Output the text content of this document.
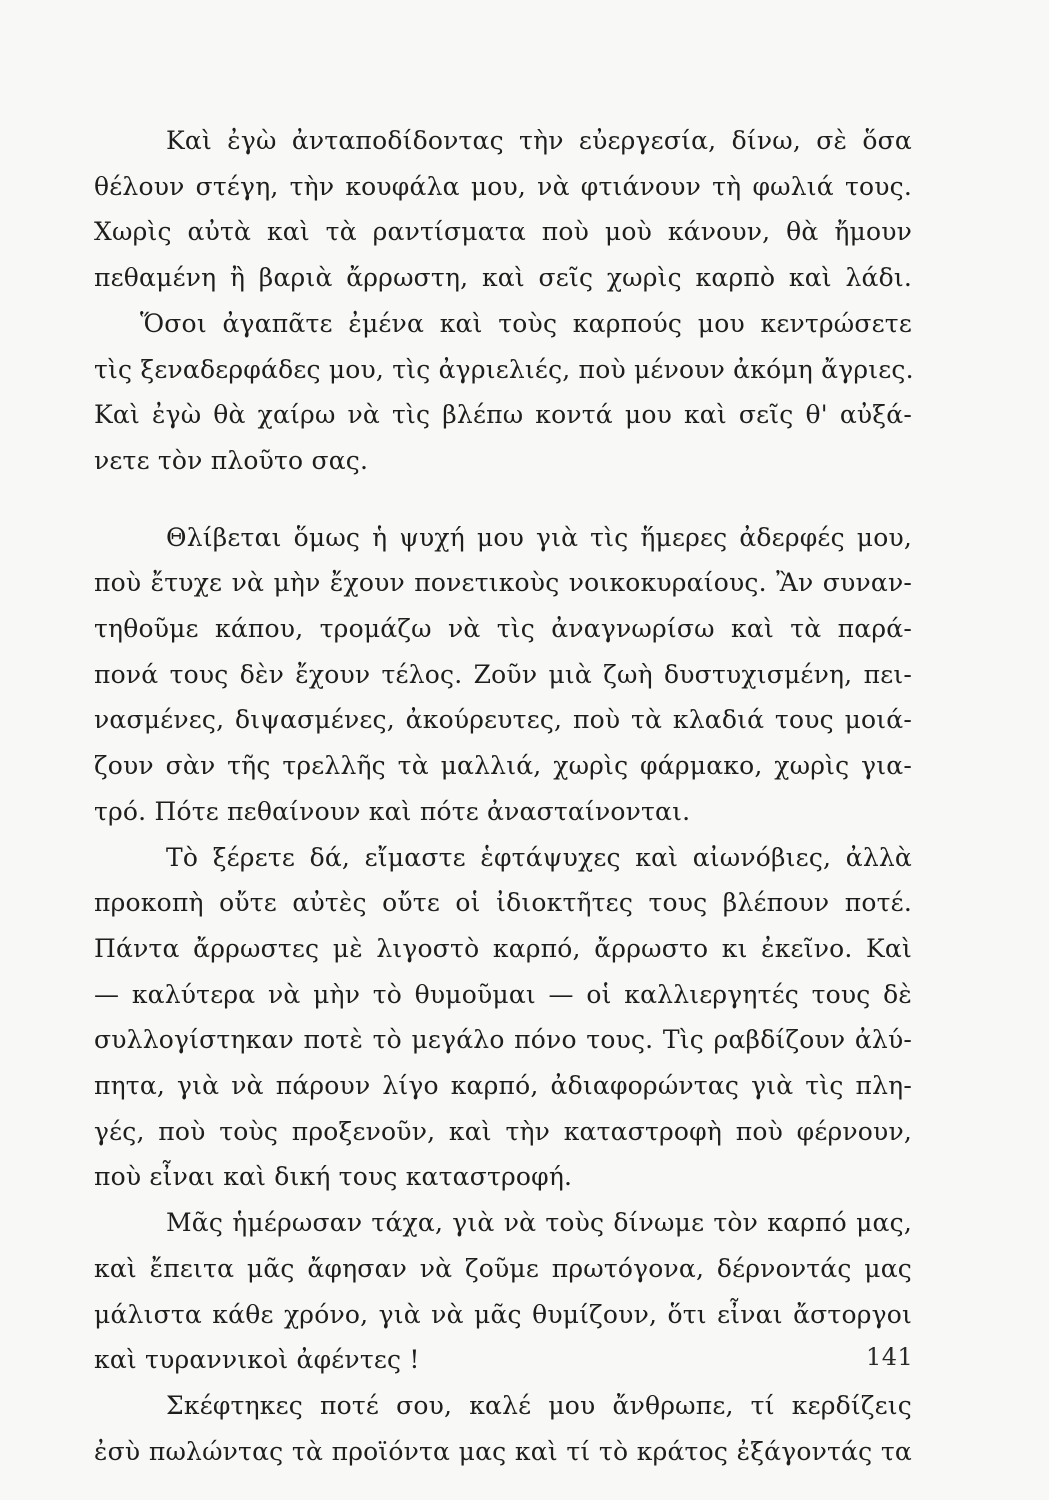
Καὶ ἐγὼ ἀνταποδίδοντας τὴν εὐεργεσία, δίνω, σὲ ὅσα
θέλουν στέγη, τὴν κουφάλα μου, νὰ φτιάνουν τὴ φωλιά τους.
Χωρὶς αὐτὰ καὶ τὰ ραντίσματα ποὺ μοὺ κάνουν, θὰ ἤμουν
πεθαμένη ἢ βαριὰ ἄρρωστη, καὶ σεῖς χωρὶς καρπὸ καὶ λάδι.
Ὅσοι ἀγαπᾶτε ἐμένα καὶ τοὺς καρπούς μου κεντρώσετε
τὶς ξεναδερφάδες μου, τὶς ἀγριελιές, ποὺ μένουν ἀκόμη ἄγριες.
Καὶ ἐγὼ θὰ χαίρω νὰ τὶς βλέπω κοντά μου καὶ σεῖς θ' αὐξά-
νετε τὸν πλοῦτο σας.
Θλίβεται ὅμως ἡ ψυχή μου γιὰ τὶς ἥμερες ἀδερφές μου,
ποὺ ἔτυχε νὰ μὴν ἔχουν πονετικοὺς νοικοκυραίους. Ἂν συναν-
τηθοῦμε κάπου, τρομάζω νὰ τὶς ἀναγνωρίσω καὶ τὰ παρά-
πονά τους δὲν ἔχουν τέλος. Ζοῦν μιὰ ζωὴ δυστυχισμένη, πει-
νασμένες, διψασμένες, ἀκούρευτες, ποὺ τὰ κλαδιά τους μοιά-
ζουν σὰν τῆς τρελλῆς τὰ μαλλιά, χωρὶς φάρμακο, χωρὶς για-
τρό. Πότε πεθαίνουν καὶ πότε ἀνασταίνονται.
Τὸ ξέρετε δά, εἴμαστε ἑφτάψυχες καὶ αἰωνόβιες, ἀλλὰ
προκοπὴ οὔτε αὐτὲς οὔτε οἱ ἰδιοκτῆτες τους βλέπουν ποτέ.
Πάντα ἄρρωστες μὲ λιγοστὸ καρπό, ἄρρωστο κι ἐκεῖνο. Καὶ
— καλύτερα νὰ μὴν τὸ θυμοῦμαι — οἱ καλλιεργητές τους δὲ
συλλογίστηκαν ποτὲ τὸ μεγάλο πόνο τους. Τὶς ραβδίζουν ἀλύ-
πητα, γιὰ νὰ πάρουν λίγο καρπό, ἀδιαφορώντας γιὰ τὶς πλη-
γές, ποὺ τοὺς προξενοῦν, καὶ τὴν καταστροφὴ ποὺ φέρνουν,
ποὺ εἶναι καὶ δική τους καταστροφή.
Μᾶς ἡμέρωσαν τάχα, γιὰ νὰ τοὺς δίνωμε τὸν καρπό μας,
καὶ ἔπειτα μᾶς ἄφησαν νὰ ζοῦμε πρωτόγονα, δέρνοντάς μας
μάλιστα κάθε χρόνο, γιὰ νὰ μᾶς θυμίζουν, ὅτι εἶναι ἄστοργοι
καὶ τυραννικοὶ ἀφέντες !
Σκέφτηκες ποτέ σου, καλέ μου ἄνθρωπε, τί κερδίζεις
ἐσὺ πωλώντας τὰ προϊόντα μας καὶ τί τὸ κράτος ἐξάγοντάς τα
141
